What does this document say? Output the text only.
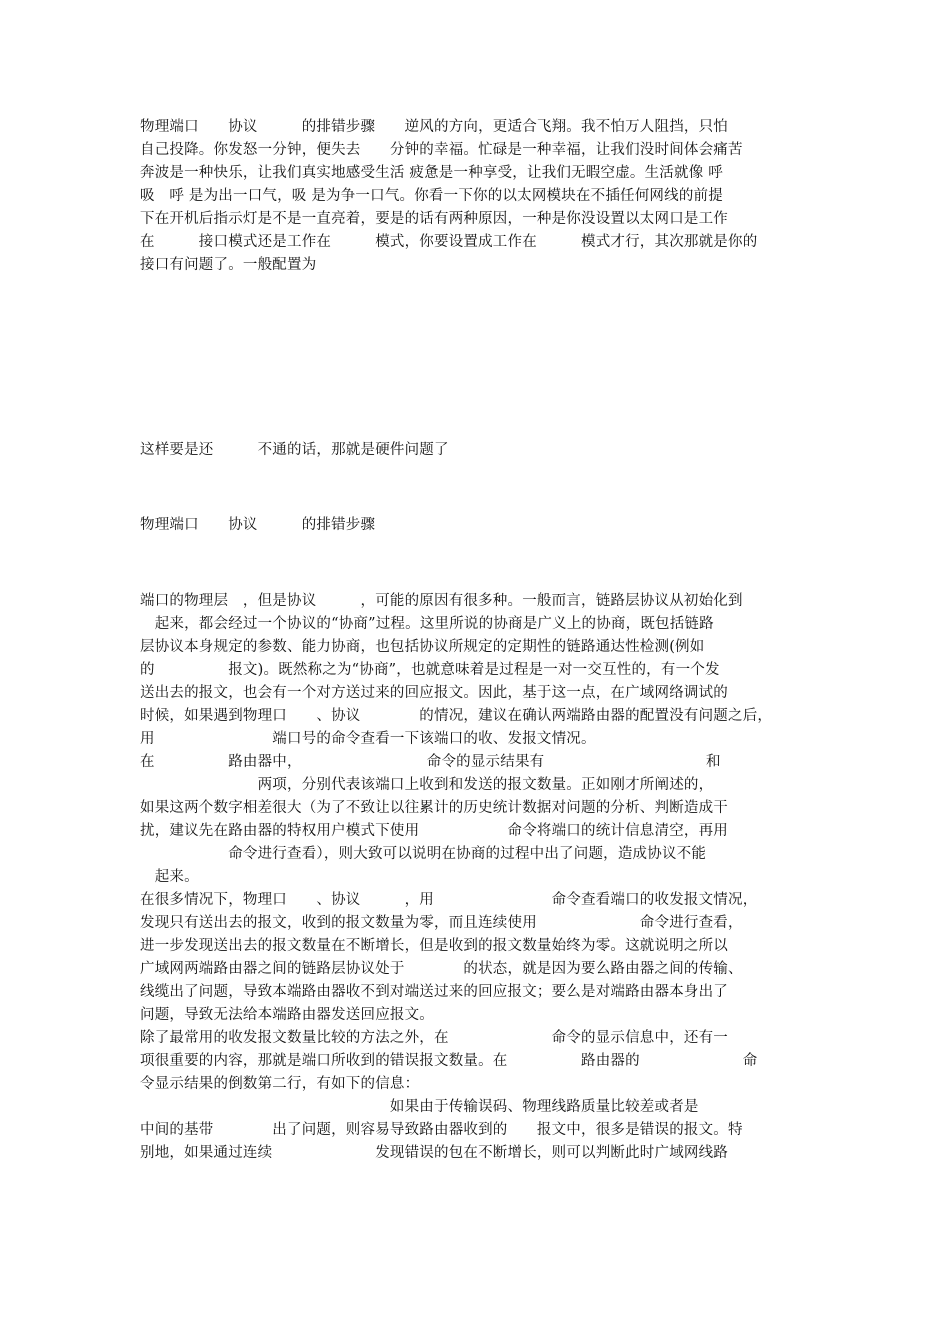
物理端口　　协议　　　的排错步骤　　逆风的方向，更适合飞翔。我不怕万人阻挡，只怕
自己投降。你发怒一分钟，便失去　　分钟的幸福。忙碌是一种幸福，让我们没时间体会痛苦
奔波是一种快乐，让我们真实地感受生活 疲惫是一种享受，让我们无暇空虚。生活就像 呼
吸　呼 是为出一口气，吸 是为争一口气。你看一下你的以太网模块在不插任何网线的前提
下在开机后指示灯是不是一直亮着，要是的话有两种原因，一种是你没设置以太网口是工作
在　　　接口模式还是工作在　　　模式，你要设置成工作在　　　模式才行，其次那就是你的
接口有问题了。一般配置为
这样要是还　　　不通的话，那就是硬件问题了
物理端口　　协议　　　的排错步骤
端口的物理层　，但是协议　　　，可能的原因有很多种。一般而言，链路层协议从初始化到
　起来，都会经过一个协议的“协商”过程。这里所说的协商是广义上的协商，既包括链路
层协议本身规定的参数、能力协商，也包括协议所规定的定期性的链路通达性检测(例如
的　　　　　报文)。既然称之为“协商”，也就意味着是过程是一对一交互性的，有一个发
送出去的报文，也会有一个对方送过来的回应报文。因此，基于这一点，在广域网络调试的
时候，如果遇到物理口　　、协议　　　　的情况，建议在确认两端路由器的配置没有问题之后，
用　　　　　　　　端口号的命令查看一下该端口的收、发报文情况。
在　　　　　路由器中，　　　　　　　　　命令的显示结果有　　　　　　　　　　　和
　　　　　　　　两项，分别代表该端口上收到和发送的报文数量。正如刚才所阐述的，
如果这两个数字相差很大（为了不致让以往累计的历史统计数据对问题的分析、判断造成干
扰，建议先在路由器的特权用户模式下使用　　　　　　命令将端口的统计信息清空，再用
　　　　　　命令进行查看），则大致可以说明在协商的过程中出了问题，造成协议不能
　起来。
在很多情况下，物理口　　、协议　　　，用　　　　　　　　命令查看端口的收发报文情况，
发现只有送出去的报文，收到的报文数量为零，而且连续使用　　　　　　　命令进行查看，
进一步发现送出去的报文数量在不断增长，但是收到的报文数量始终为零。这就说明之所以
广域网两端路由器之间的链路层协议处于　　　　的状态，就是因为要么路由器之间的传输、
线缆出了问题，导致本端路由器收不到对端送过来的回应报文；要么是对端路由器本身出了
问题，导致无法给本端路由器发送回应报文。
除了最常用的收发报文数量比较的方法之外，在　　　　　　　命令的显示信息中，还有一
项很重要的内容，那就是端口所收到的错误报文数量。在　　　　　路由器的　　　　　　　命
令显示结果的倒数第二行，有如下的信息：
　　　　　　　　　　　　　　　　　如果由于传输误码、物理线路质量比较差或者是
中间的基带　　　　出了问题，则容易导致路由器收到的　　报文中，很多是错误的报文。特
别地，如果通过连续　　　　　　　发现错误的包在不断增长，则可以判断此时广域网线路
